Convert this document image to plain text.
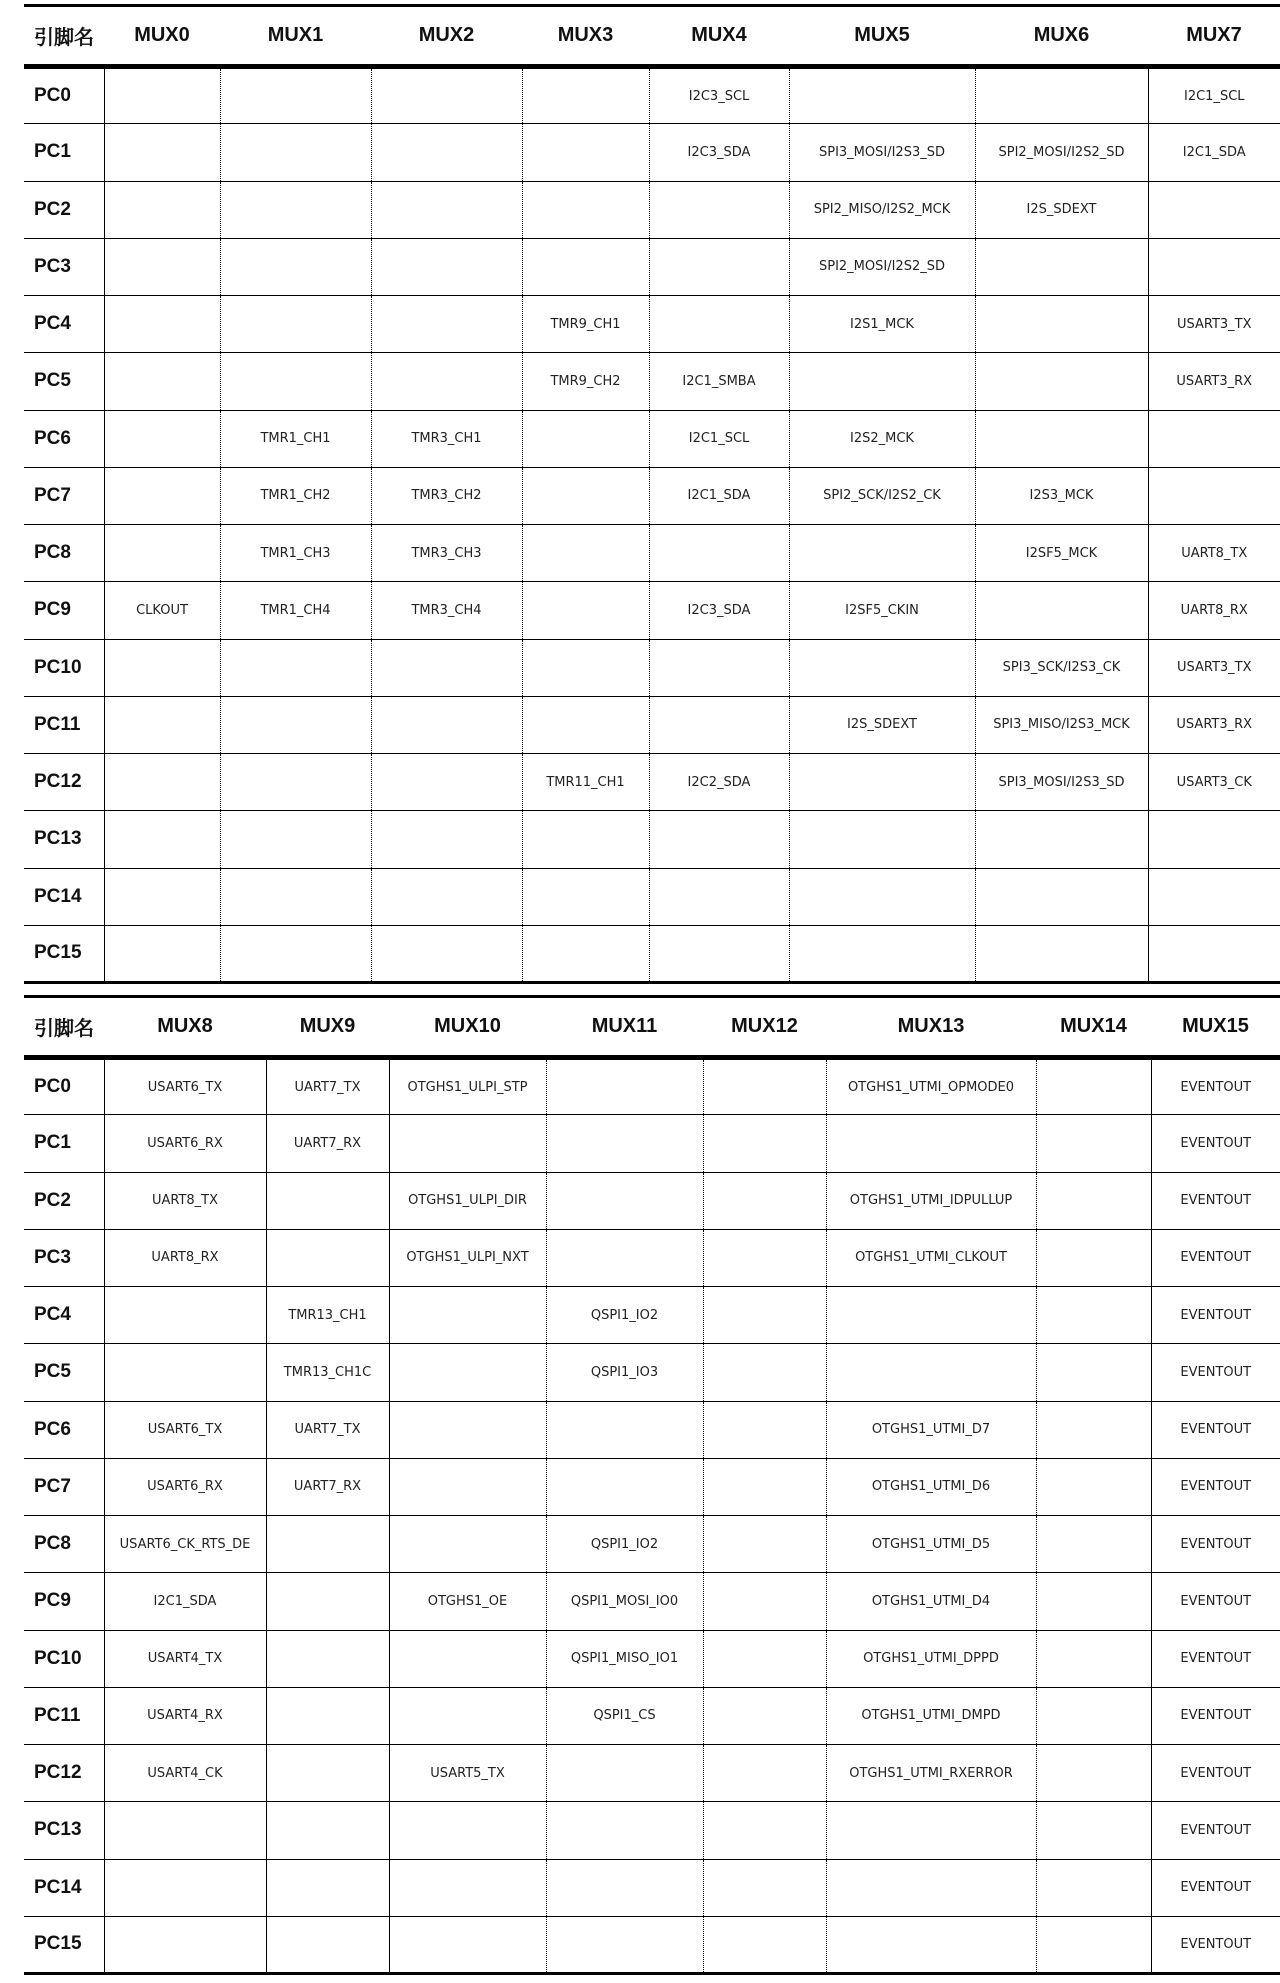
引脚名	MUX0	MUX1	MUX2	MUX3	MUX4	MUX5	MUX6	MUX7
PC0					I2C3_SCL			I2C1_SCL
PC1					I2C3_SDA	SPI3_MOSI/I2S3_SD	SPI2_MOSI/I2S2_SD	I2C1_SDA
PC2						SPI2_MISO/I2S2_MCK	I2S_SDEXT	
PC3						SPI2_MOSI/I2S2_SD		
PC4				TMR9_CH1		I2S1_MCK		USART3_TX
PC5				TMR9_CH2	I2C1_SMBA			USART3_RX
PC6		TMR1_CH1	TMR3_CH1		I2C1_SCL	I2S2_MCK		
PC7		TMR1_CH2	TMR3_CH2		I2C1_SDA	SPI2_SCK/I2S2_CK	I2S3_MCK	
PC8		TMR1_CH3	TMR3_CH3				I2SF5_MCK	UART8_TX
PC9	CLKOUT	TMR1_CH4	TMR3_CH4		I2C3_SDA	I2SF5_CKIN		UART8_RX
PC10							SPI3_SCK/I2S3_CK	USART3_TX
PC11						I2S_SDEXT	SPI3_MISO/I2S3_MCK	USART3_RX
PC12				TMR11_CH1	I2C2_SDA		SPI3_MOSI/I2S3_SD	USART3_CK
PC13								
PC14								
PC15								
引脚名	MUX8	MUX9	MUX10	MUX11	MUX12	MUX13	MUX14	MUX15
PC0	USART6_TX	UART7_TX	OTGHS1_ULPI_STP			OTGHS1_UTMI_OPMODE0		EVENTOUT
PC1	USART6_RX	UART7_RX						EVENTOUT
PC2	UART8_TX		OTGHS1_ULPI_DIR			OTGHS1_UTMI_IDPULLUP		EVENTOUT
PC3	UART8_RX		OTGHS1_ULPI_NXT			OTGHS1_UTMI_CLKOUT		EVENTOUT
PC4		TMR13_CH1		QSPI1_IO2				EVENTOUT
PC5		TMR13_CH1C		QSPI1_IO3				EVENTOUT
PC6	USART6_TX	UART7_TX				OTGHS1_UTMI_D7		EVENTOUT
PC7	USART6_RX	UART7_RX				OTGHS1_UTMI_D6		EVENTOUT
PC8	USART6_CK_RTS_DE			QSPI1_IO2		OTGHS1_UTMI_D5		EVENTOUT
PC9	I2C1_SDA		OTGHS1_OE	QSPI1_MOSI_IO0		OTGHS1_UTMI_D4		EVENTOUT
PC10	USART4_TX			QSPI1_MISO_IO1		OTGHS1_UTMI_DPPD		EVENTOUT
PC11	USART4_RX			QSPI1_CS		OTGHS1_UTMI_DMPD		EVENTOUT
PC12	USART4_CK		USART5_TX			OTGHS1_UTMI_RXERROR		EVENTOUT
PC13								EVENTOUT
PC14								EVENTOUT
PC15								EVENTOUT
